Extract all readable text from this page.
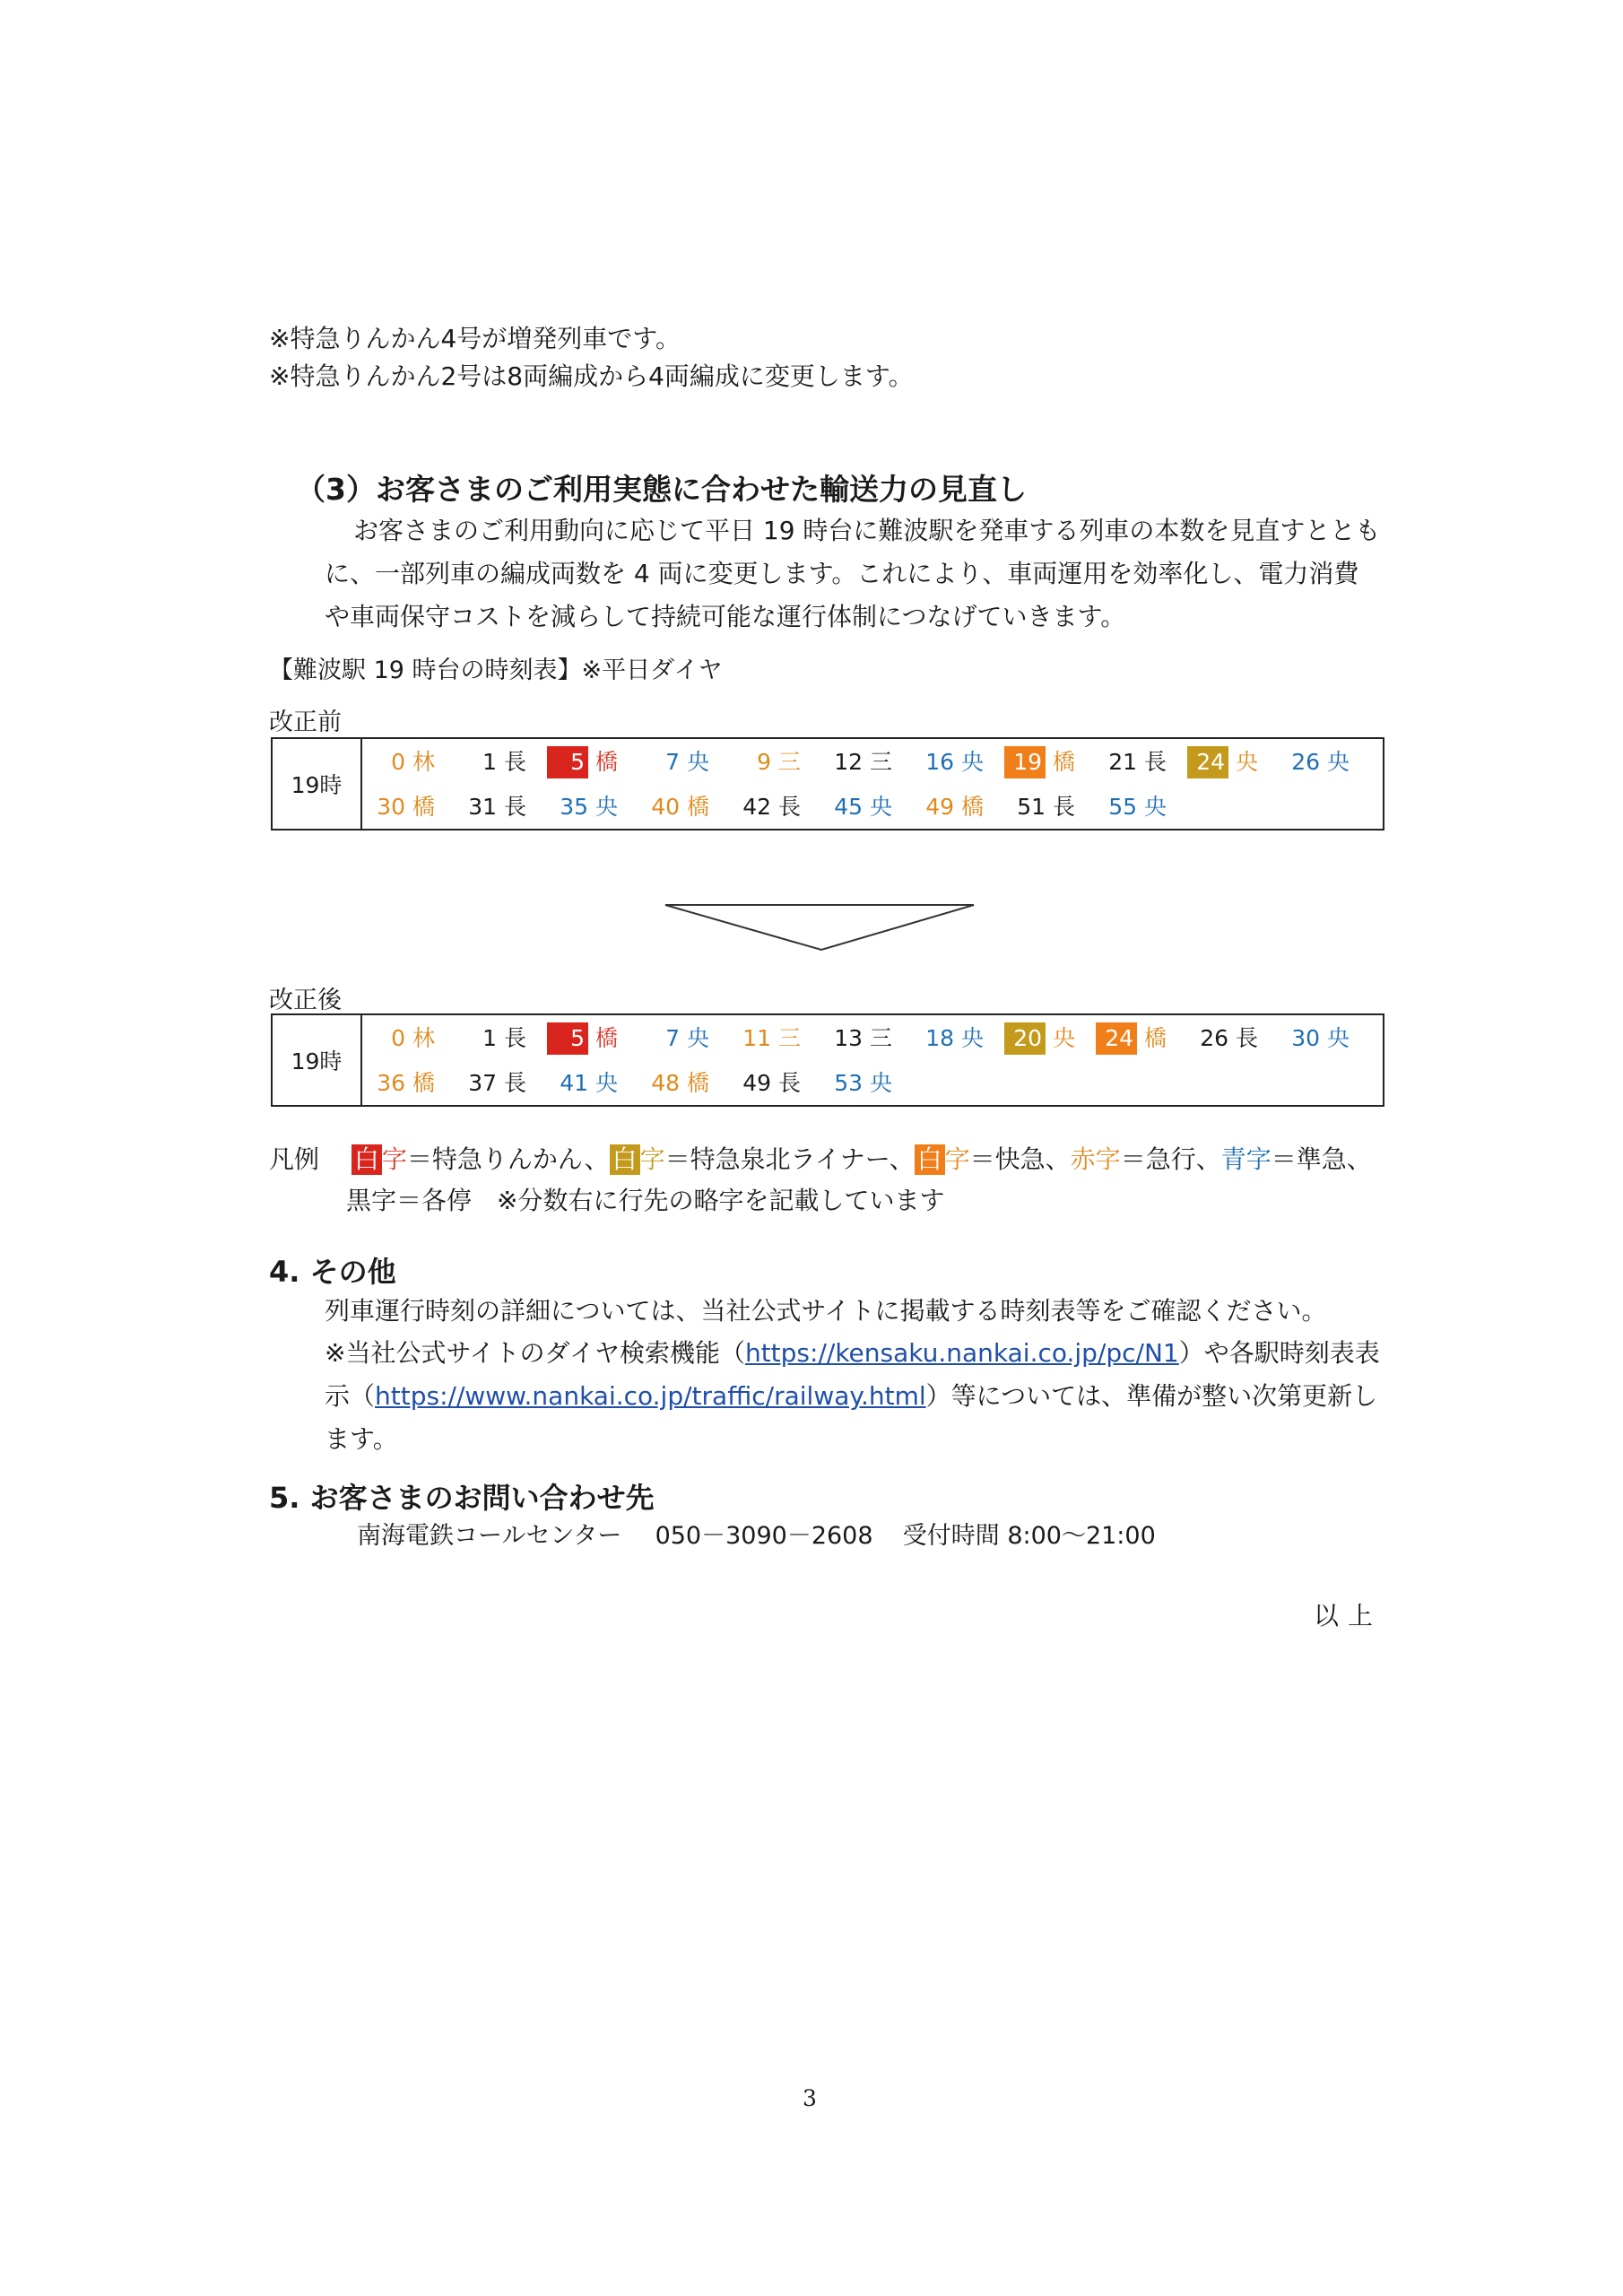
※特急りんかん4号が増発列車です。
※特急りんかん2号は8両編成から4両編成に変更します。
（3）お客さまのご利用実態に合わせた輸送力の見直し
お客さまのご利用動向に応じて平日 19 時台に難波駅を発車する列車の本数を見直すとともに、一部列車の編成両数を 4 両に変更します。これにより、車両運用を効率化し、電力消費や車両保守コストを減らして持続可能な運行体制につなげていきます。
【難波駅 19 時台の時刻表】※平日ダイヤ
改正前
19時	
0 林	1 長	5 橋	7 央	9 三	12 三	16 央	19 橋	21 長	24 央	26 央
30 橋	31 長	35 央	40 橋	42 長	45 央	49 橋	51 長	55 央
改正後
19時	
0 林	1 長	5 橋	7 央	11 三	13 三	18 央	20 央	24 橋	26 長	30 央
36 橋	37 長	41 央	48 橋	49 長	53 央
凡例 白 字＝特急りんかん、 白 字＝特急泉北ライナー、 白 字＝快急、赤字＝急行、青字＝準急、
黒字＝各停　※分数右に行先の略字を記載しています
4. その他
列車運行時刻の詳細については、当社公式サイトに掲載する時刻表等をご確認ください。
※当社公式サイトのダイヤ検索機能（https://kensaku.nankai.co.jp/pc/N1）や各駅時刻表表示（https://www.nankai.co.jp/traffic/railway.html）等については、準備が整い次第更新します。
5. お客さまのお問い合わせ先
南海電鉄コールセンター 050－3090－2608 受付時間 8:00～21:00
以上
3
